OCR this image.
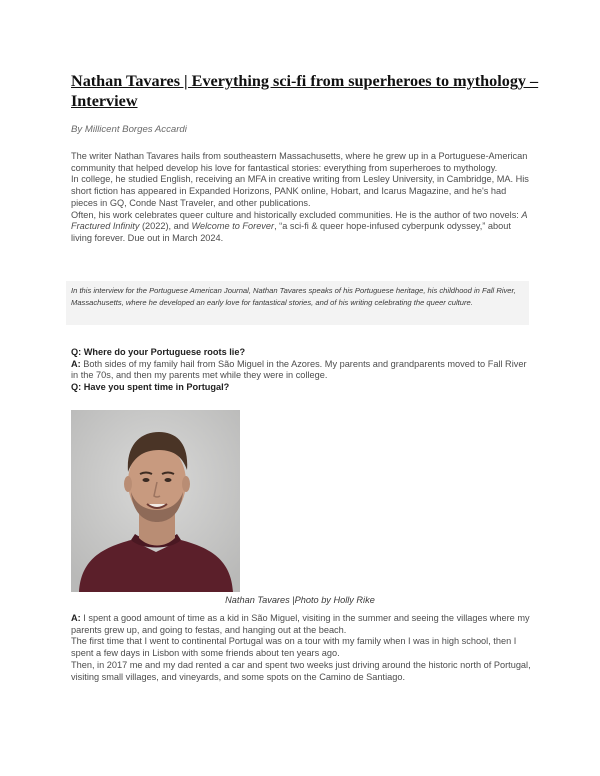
Nathan Tavares | Everything sci-fi from superheroes to mythology – Interview
By Millicent Borges Accardi

The writer Nathan Tavares hails from southeastern Massachusetts, where he grew up in a Portuguese-American community that helped develop his love for fantastical stories: everything from superheroes to mythology.

In college, he studied English, receiving an MFA in creative writing from Lesley University, in Cambridge, MA. His short fiction has appeared in Expanded Horizons, PANK online, Hobart, and Icarus Magazine, and he's had pieces in GQ, Conde Nast Traveler, and other publications.

Often, his work celebrates queer culture and historically excluded communities. He is the author of two novels: A Fractured Infinity (2022), and Welcome to Forever, “a sci-fi & queer hope-infused cyberpunk odyssey,” about living forever. Due out in March 2024.

In this interview for the Portuguese American Journal, Nathan Tavares speaks of his Portuguese heritage, his childhood in Fall River, Massachusetts, where he developed an early love for fantastical stories, and of his writing celebrating the queer culture.

Q: Where do your Portuguese roots lie?

A: Both sides of my family hail from São Miguel in the Azores. My parents and grandparents moved to Fall River in the 70s, and then my parents met while they were in college.

Q: Have you spent time in Portugal?

Nathan Tavares |Photo by Holly Rike

A: I spent a good amount of time as a kid in São Miguel, visiting in the summer and seeing the villages where my parents grew up, and going to festas, and hanging out at the beach.

The first time that I went to continental Portugal was on a tour with my family when I was in high school, then I spent a few days in Lisbon with some friends about ten years ago.

Then, in 2017 me and my dad rented a car and spent two weeks just driving around the historic north of Portugal, visiting small villages, and vineyards, and some spots on the Camino de Santiago.
